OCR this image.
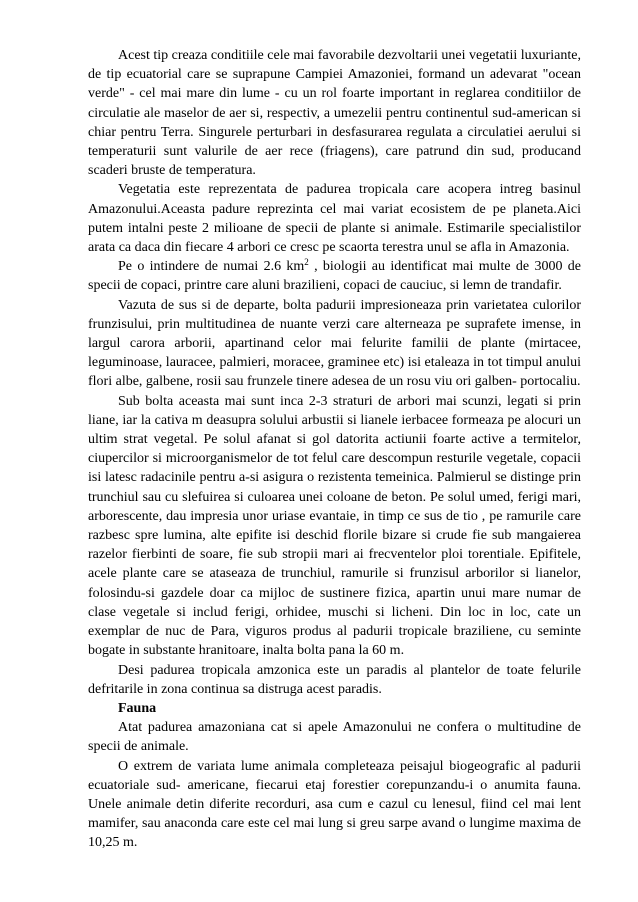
Acest tip creaza conditiile cele mai favorabile dezvoltarii unei vegetatii luxuriante, de tip ecuatorial care se suprapune Campiei Amazoniei, formand un adevarat "ocean verde" - cel mai mare din lume - cu un rol foarte important in reglarea conditiilor de circulatie ale maselor de aer si, respectiv, a umezelii pentru continentul sud-american si chiar pentru Terra. Singurele perturbari in desfasurarea regulata a circulatiei aerului si temperaturii sunt valurile de aer rece (friagens), care patrund din sud, producand scaderi bruste de temperatura.

Vegetatia este reprezentata de padurea tropicala care acopera intreg basinul Amazonului.Aceasta padure reprezinta cel mai variat ecosistem de pe planeta.Aici putem intalni peste 2 milioane de specii de plante si animale. Estimarile specialistilor arata ca daca din fiecare 4 arbori ce cresc pe scaorta terestra unul se afla in Amazonia.

Pe o intindere de numai 2.6 $km^2$ , biologii au identificat mai multe de 3000 de specii de copaci, printre care aluni brazilieni, copaci de cauciuc, si lemn de trandafir.

Vazuta de sus si de departe, bolta padurii impresioneaza prin varietatea culorilor frunzisului, prin multitudinea de nuante verzi care alterneaza pe suprafete imense, in largul carora arborii, apartinand celor mai felurite familii de plante (mirtacee, leguminoase, lauracee, palmieri, moracee, graminee etc) isi etaleaza in tot timpul anului flori albe, galbene, rosii sau frunzele tinere adesea de un rosu viu ori galben- portocaliu.

Sub bolta aceasta mai sunt inca 2-3 straturi de arbori mai scunzi, legati si prin liane, iar la cativa m deasupra solului arbustii si lianele ierbacee formeaza pe alocuri un ultim strat vegetal. Pe solul afanat si gol datorita actiunii foarte active a termitelor, ciupercilor si microorganismelor de tot felul care descompun resturile vegetale, copacii isi latesc radacinile pentru a-si asigura o rezistenta temeinica. Palmierul se distinge prin trunchiul sau cu slefuirea si culoarea unei coloane de beton. Pe solul umed, ferigi mari, arborescente, dau impresia unor uriase evantaie, in timp ce sus de tio , pe ramurile care razbesc spre lumina, alte epifite isi deschid florile bizare si crude fie sub mangaierea razelor fierbinti de soare, fie sub stropii mari ai frecventelor ploi torentiale. Epifitele, acele plante care se ataseaza de trunchiul, ramurile si frunzisul arborilor si lianelor, folosindu-si gazdele doar ca mijloc de sustinere fizica, apartin unui mare numar de clase vegetale si includ ferigi, orhidee, muschi si licheni. Din loc in loc, cate un exemplar de nuc de Para, viguros produs al padurii tropicale braziliene, cu seminte bogate in substante hranitoare, inalta bolta pana la 60 m.

Desi padurea tropicala amzonica este un paradis al plantelor de toate felurile defritarile in zona continua sa distruga acest paradis.

Fauna

Atat padurea amazoniana cat si apele Amazonului ne confera o multitudine de specii de animale.

O extrem de variata lume animala completeaza peisajul biogeografic al padurii ecuatoriale sud- americane, fiecarui etaj forestier corepunzandu-i o anumita fauna. Unele animale detin diferite recorduri, asa cum e cazul cu lenesul, fiind cel mai lent mamifer, sau anaconda care este cel mai lung si greu sarpe avand o lungime maxima de 10,25 m.
